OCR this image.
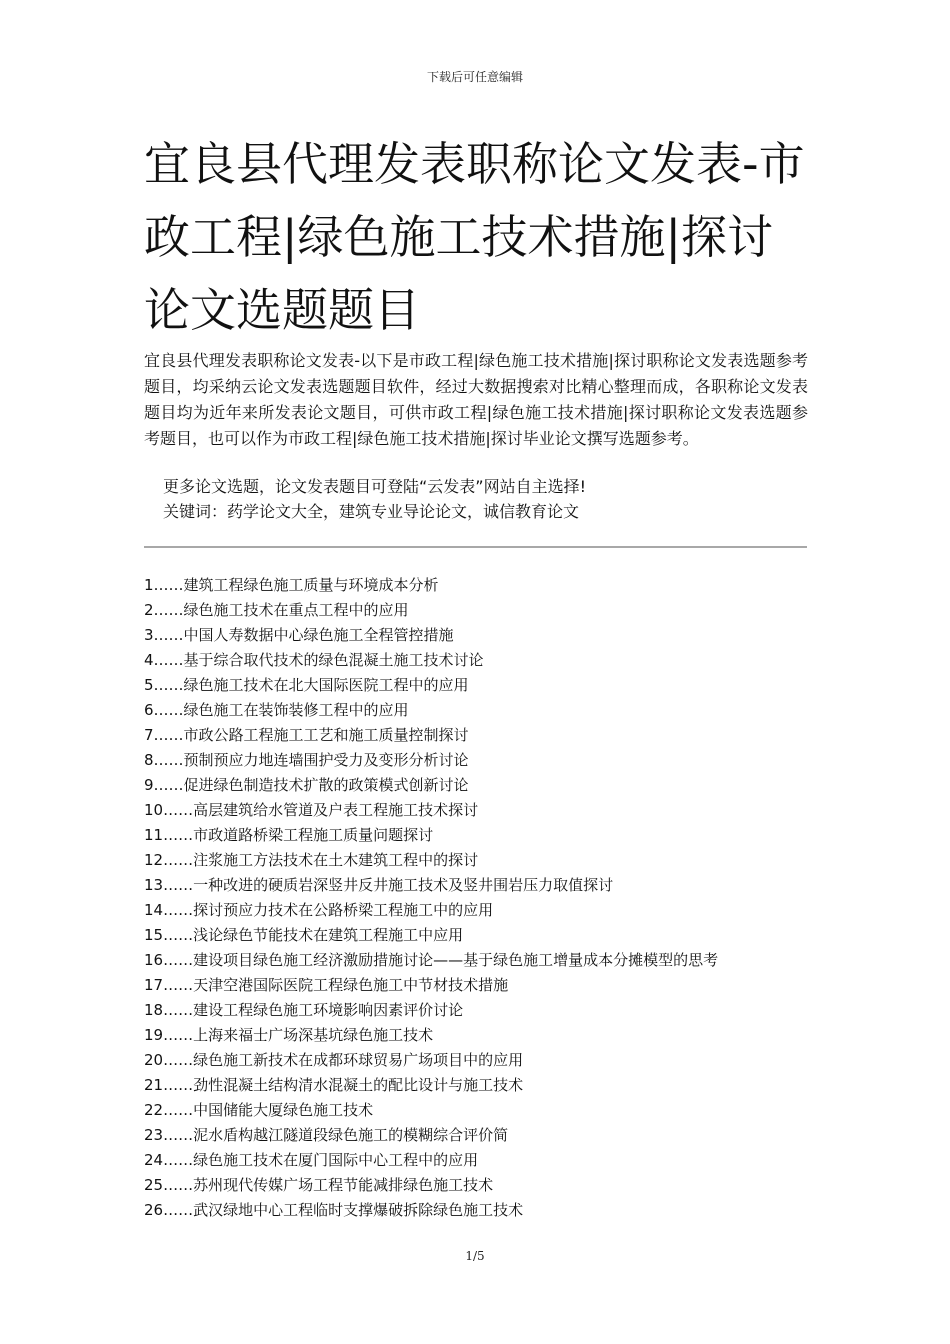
下载后可任意编辑
宜良县代理发表职称论文发表-市政工程|绿色施工技术措施|探讨论文选题题目

宜良县代理发表职称论文发表-以下是市政工程|绿色施工技术措施|探讨职称论文发表选题参考题目，均采纳云论文发表选题题目软件，经过大数据搜索对比精心整理而成，各职称论文发表题目均为近年来所发表论文题目，可供市政工程|绿色施工技术措施|探讨职称论文发表选题参考题目，也可以作为市政工程|绿色施工技术措施|探讨毕业论文撰写选题参考。

更多论文选题，论文发表题目可登陆“云发表”网站自主选择!
关键词：药学论文大全，建筑专业导论论文，诚信教育论文
1……建筑工程绿色施工质量与环境成本分析
2……绿色施工技术在重点工程中的应用
3……中国人寿数据中心绿色施工全程管控措施
4……基于综合取代技术的绿色混凝土施工技术讨论
5……绿色施工技术在北大国际医院工程中的应用
6……绿色施工在装饰装修工程中的应用
7……市政公路工程施工工艺和施工质量控制探讨
8……预制预应力地连墙围护受力及变形分析讨论
9……促进绿色制造技术扩散的政策模式创新讨论
10……高层建筑给水管道及户表工程施工技术探讨
11……市政道路桥梁工程施工质量问题探讨
12……注浆施工方法技术在土木建筑工程中的探讨
13……一种改进的硬质岩深竖井反井施工技术及竖井围岩压力取值探讨
14……探讨预应力技术在公路桥梁工程施工中的应用
15……浅论绿色节能技术在建筑工程施工中应用
16……建设项目绿色施工经济激励措施讨论——基于绿色施工增量成本分摊模型的思考
17……天津空港国际医院工程绿色施工中节材技术措施
18……建设工程绿色施工环境影响因素评价讨论
19……上海来福士广场深基坑绿色施工技术
20……绿色施工新技术在成都环球贸易广场项目中的应用
21……劲性混凝土结构清水混凝土的配比设计与施工技术
22……中国储能大厦绿色施工技术
23……泥水盾构越江隧道段绿色施工的模糊综合评价简
24……绿色施工技术在厦门国际中心工程中的应用
25……苏州现代传媒广场工程节能减排绿色施工技术
26……武汉绿地中心工程临时支撑爆破拆除绿色施工技术
1/5
